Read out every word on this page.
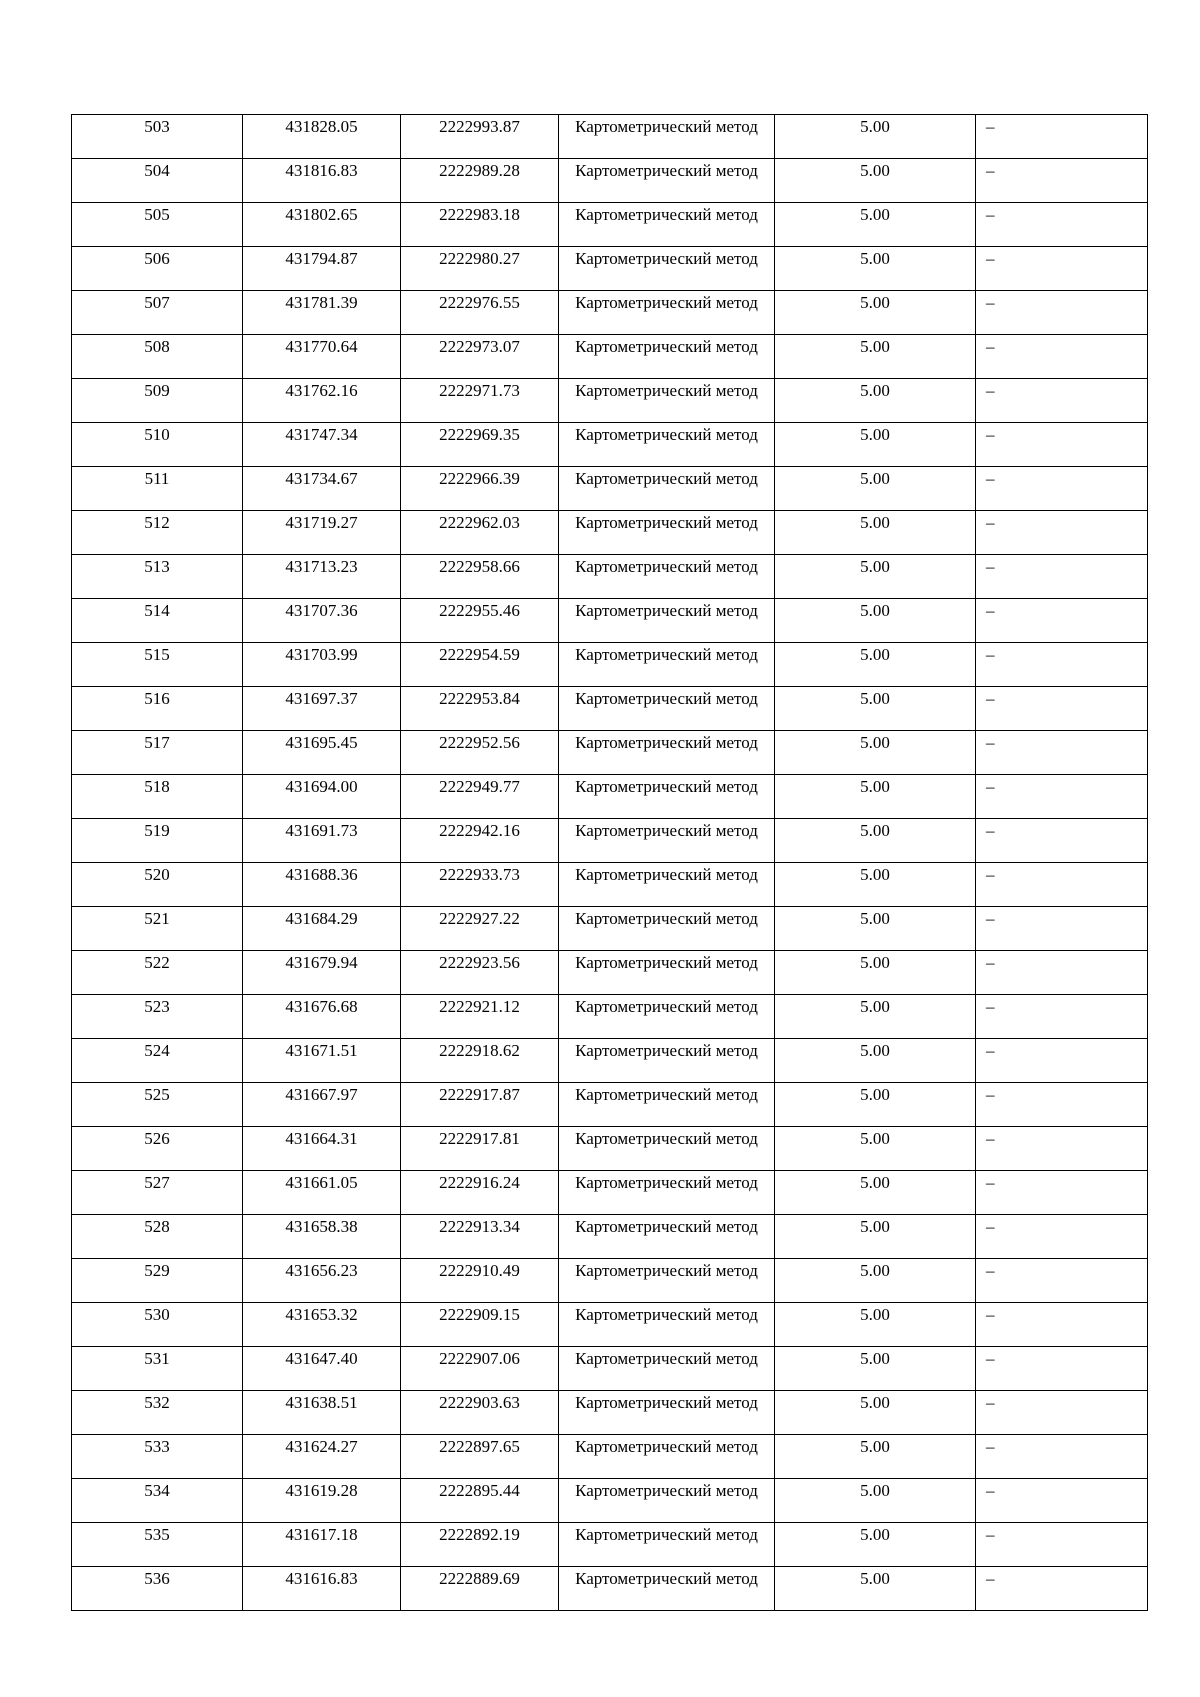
503	431828.05	2222993.87	Картометрический метод	5.00	–
504	431816.83	2222989.28	Картометрический метод	5.00	–
505	431802.65	2222983.18	Картометрический метод	5.00	–
506	431794.87	2222980.27	Картометрический метод	5.00	–
507	431781.39	2222976.55	Картометрический метод	5.00	–
508	431770.64	2222973.07	Картометрический метод	5.00	–
509	431762.16	2222971.73	Картометрический метод	5.00	–
510	431747.34	2222969.35	Картометрический метод	5.00	–
511	431734.67	2222966.39	Картометрический метод	5.00	–
512	431719.27	2222962.03	Картометрический метод	5.00	–
513	431713.23	2222958.66	Картометрический метод	5.00	–
514	431707.36	2222955.46	Картометрический метод	5.00	–
515	431703.99	2222954.59	Картометрический метод	5.00	–
516	431697.37	2222953.84	Картометрический метод	5.00	–
517	431695.45	2222952.56	Картометрический метод	5.00	–
518	431694.00	2222949.77	Картометрический метод	5.00	–
519	431691.73	2222942.16	Картометрический метод	5.00	–
520	431688.36	2222933.73	Картометрический метод	5.00	–
521	431684.29	2222927.22	Картометрический метод	5.00	–
522	431679.94	2222923.56	Картометрический метод	5.00	–
523	431676.68	2222921.12	Картометрический метод	5.00	–
524	431671.51	2222918.62	Картометрический метод	5.00	–
525	431667.97	2222917.87	Картометрический метод	5.00	–
526	431664.31	2222917.81	Картометрический метод	5.00	–
527	431661.05	2222916.24	Картометрический метод	5.00	–
528	431658.38	2222913.34	Картометрический метод	5.00	–
529	431656.23	2222910.49	Картометрический метод	5.00	–
530	431653.32	2222909.15	Картометрический метод	5.00	–
531	431647.40	2222907.06	Картометрический метод	5.00	–
532	431638.51	2222903.63	Картометрический метод	5.00	–
533	431624.27	2222897.65	Картометрический метод	5.00	–
534	431619.28	2222895.44	Картометрический метод	5.00	–
535	431617.18	2222892.19	Картометрический метод	5.00	–
536	431616.83	2222889.69	Картометрический метод	5.00	–
